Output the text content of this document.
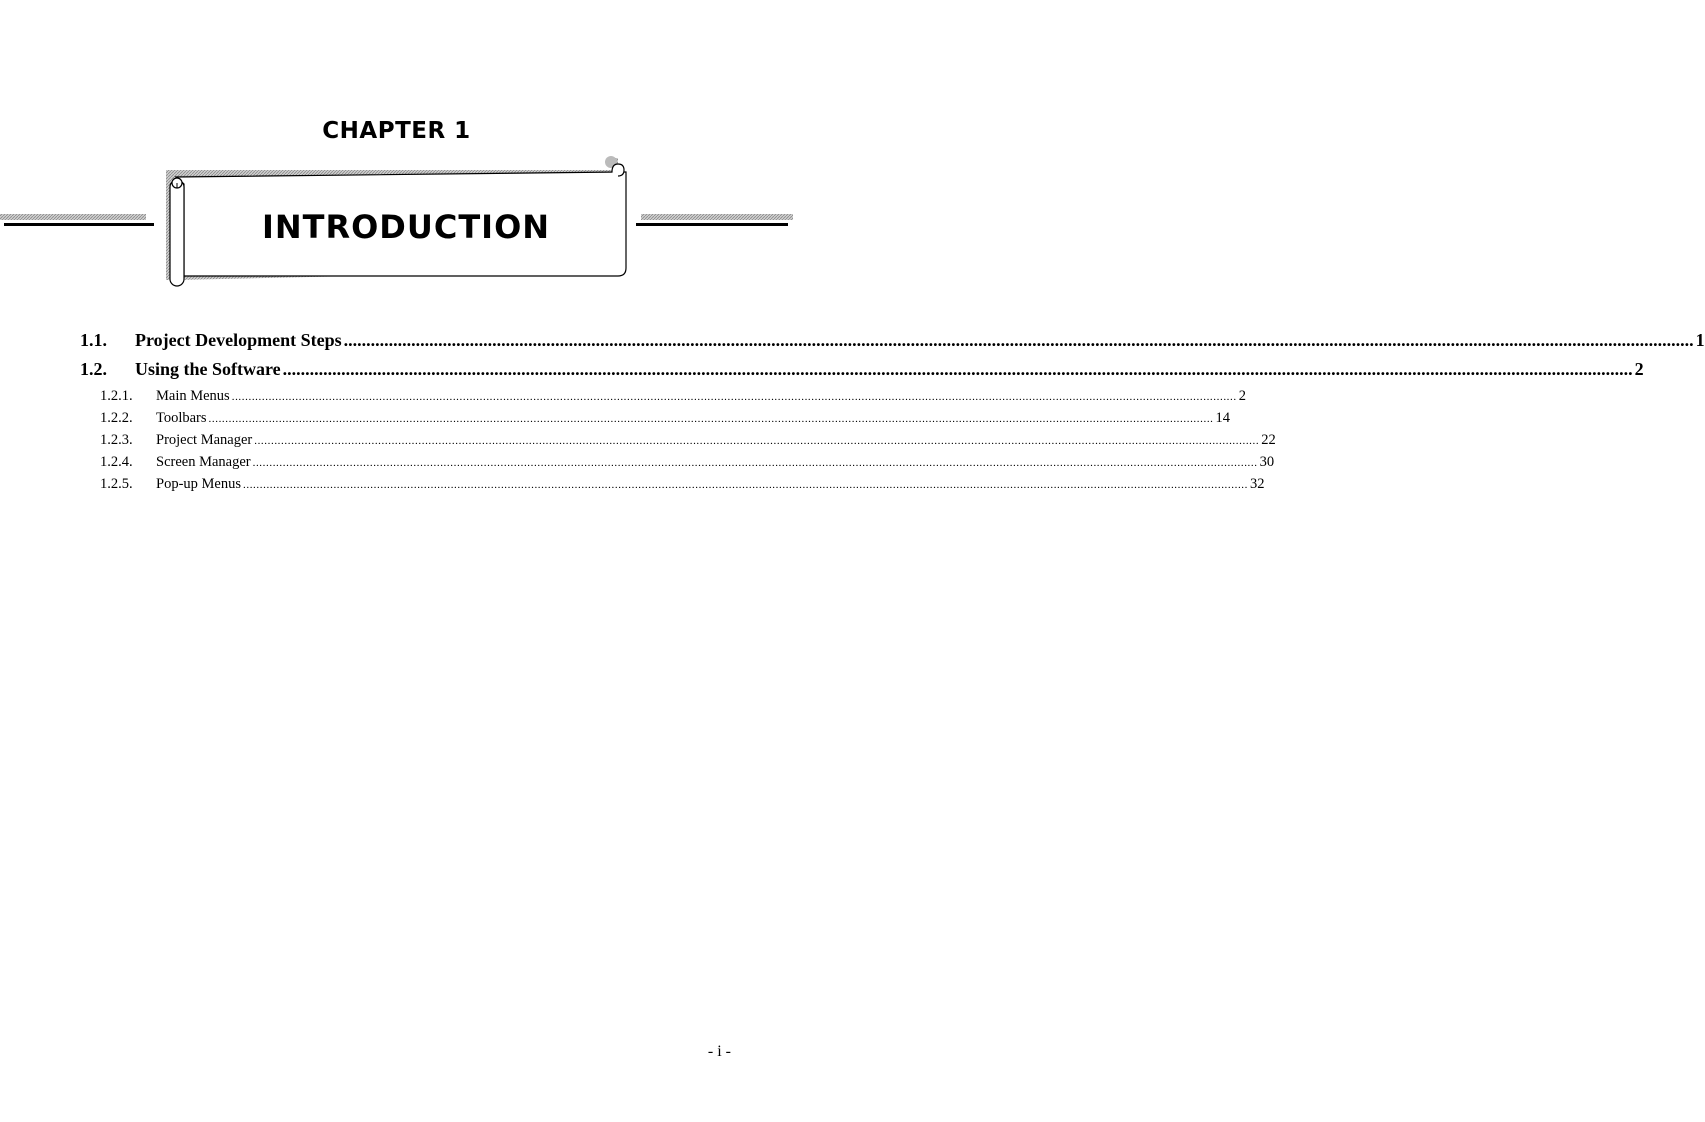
CHAPTER 1
INTRODUCTION
1.1.	Project Development Steps ............................................................................................................................................................................................................................................................................................................ 1
1.2.	Using the Software ............................................................................................................................................................................................................................................................................................................ 2
1.2.1.	Main Menus ............................................................................................................................................................................................................................................................................................................ 2
1.2.2.	Toolbars ............................................................................................................................................................................................................................................................................................................ 14
1.2.3.	Project Manager ............................................................................................................................................................................................................................................................................................................ 22
1.2.4.	Screen Manager ............................................................................................................................................................................................................................................................................................................ 30
1.2.5.	Pop-up Menus ............................................................................................................................................................................................................................................................................................................ 32
- i -
